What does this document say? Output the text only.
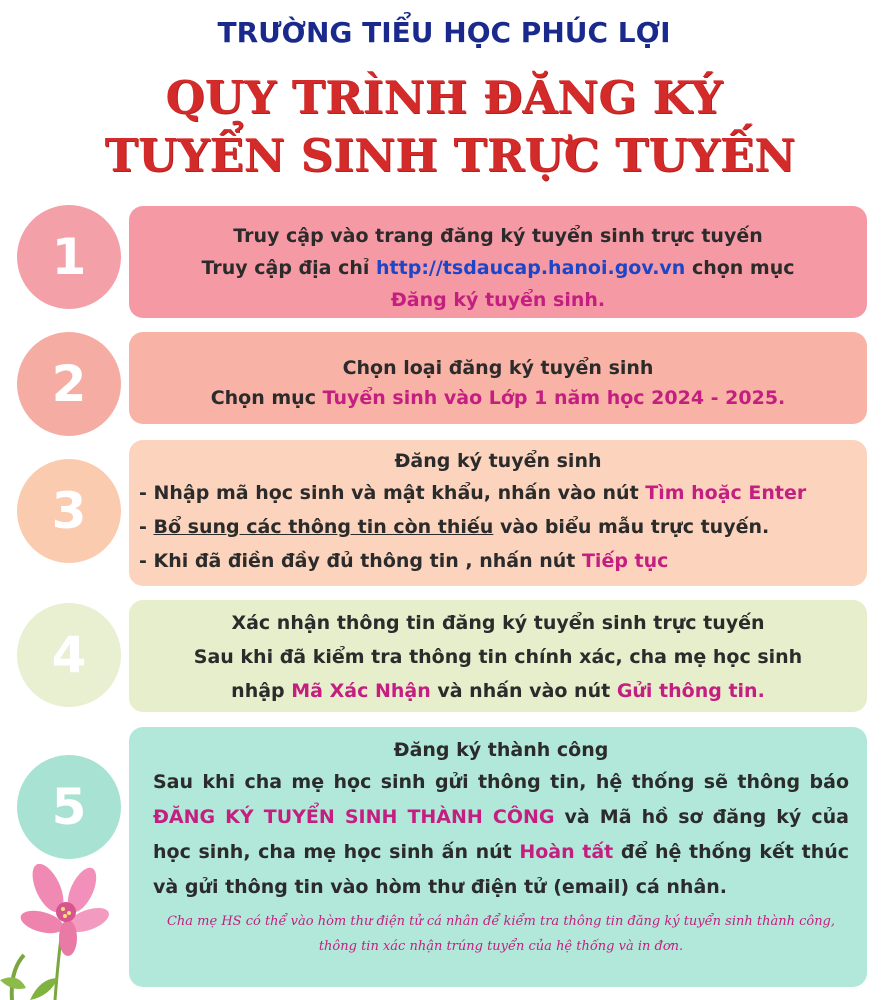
TRƯỜNG TIỂU HỌC PHÚC LỢI
QUY TRÌNH ĐĂNG KÝ
TUYỂN SINH TRỰC TUYẾN
1	Truy cập vào trang đăng ký tuyển sinh trực tuyến
Truy cập địa chỉ http://tsdaucap.hanoi.gov.vn chọn mục
Đăng ký tuyển sinh.
2	Chọn loại đăng ký tuyển sinh
Chọn mục Tuyển sinh vào Lớp 1 năm học 2024 - 2025.
3
Đăng ký tuyển sinh
- Nhập mã học sinh và mật khẩu, nhấn vào nút Tìm hoặc Enter
- Bổ sung các thông tin còn thiếu vào biểu mẫu trực tuyến.
- Khi đã điền đầy đủ thông tin , nhấn nút Tiếp tục
4
Xác nhận thông tin đăng ký tuyển sinh trực tuyến
Sau khi đã kiểm tra thông tin chính xác, cha mẹ học sinh
nhập Mã Xác Nhận và nhấn vào nút Gửi thông tin.
5
Đăng ký thành công
Sau khi cha mẹ học sinh gửi thông tin, hệ thống sẽ thông báo ĐĂNG KÝ TUYỂN SINH THÀNH CÔNG và Mã hồ sơ đăng ký của học sinh, cha mẹ học sinh ấn nút Hoàn tất để hệ thống kết thúc và gửi thông tin vào hòm thư điện tử (email) cá nhân.
Cha mẹ HS có thể vào hòm thư điện tử cá nhân để kiểm tra thông tin đăng ký tuyển sinh thành công, thông tin xác nhận trúng tuyển của hệ thống và in đơn.
